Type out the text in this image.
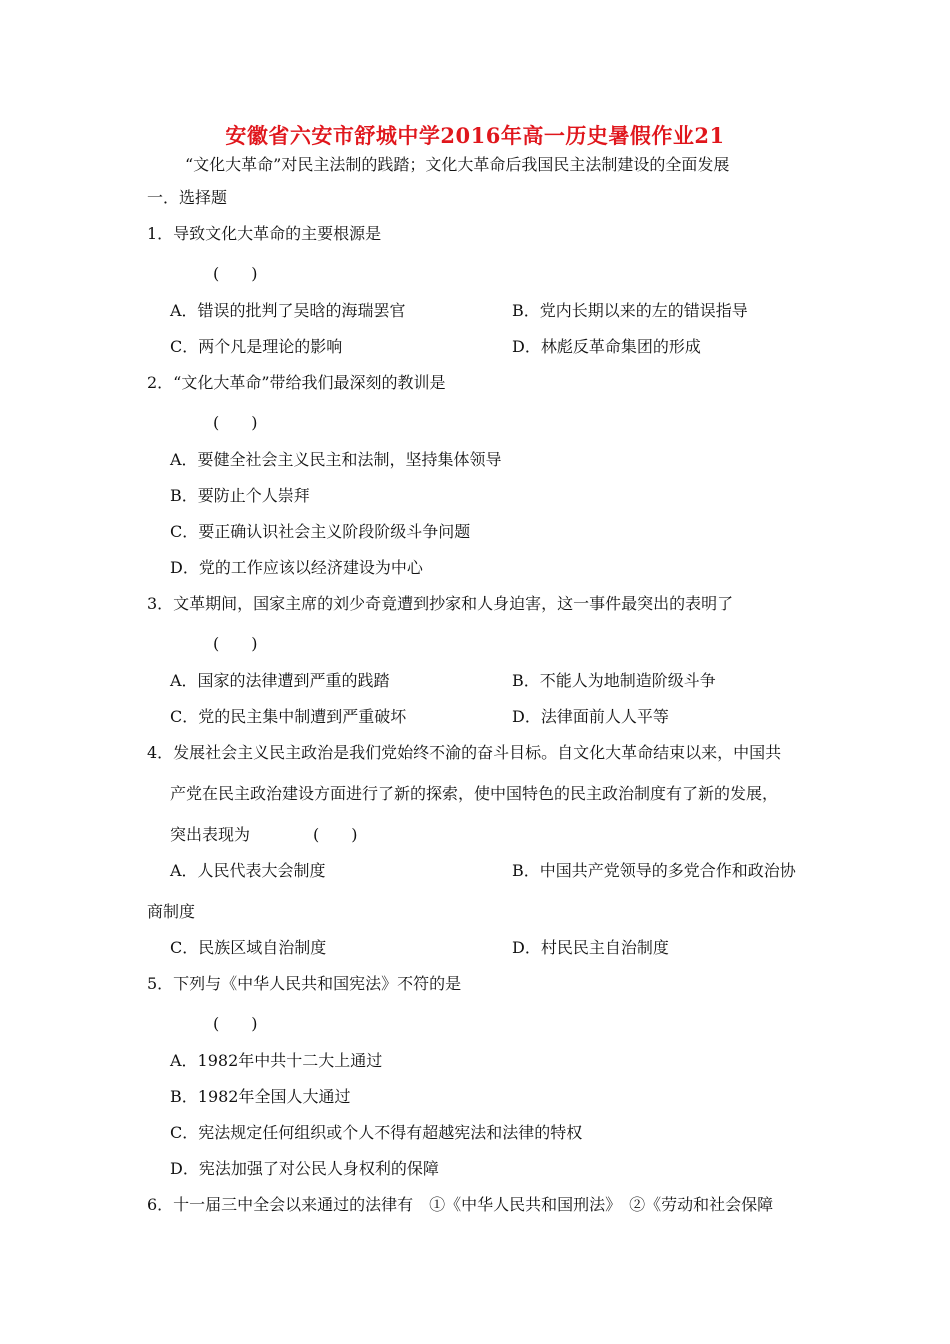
安徽省六安市舒城中学2016年高一历史暑假作业21
“文化大革命”对民主法制的践踏；文化大革命后我国民主法制建设的全面发展
一．选择题
1．导致文化大革命的主要根源是
(　　)
A．错误的批判了吴晗的海瑞罢官	B．党内长期以来的左的错误指导
C．两个凡是理论的影响	D．林彪反革命集团的形成
2．“文化大革命”带给我们最深刻的教训是
(　　)
A．要健全社会主义民主和法制，坚持集体领导
B．要防止个人崇拜
C．要正确认识社会主义阶段阶级斗争问题
D．党的工作应该以经济建设为中心
3．文革期间，国家主席的刘少奇竟遭到抄家和人身迫害，这一事件最突出的表明了
(　　)
A．国家的法律遭到严重的践踏	B．不能人为地制造阶级斗争
C．党的民主集中制遭到严重破坏	D．法律面前人人平等
4．发展社会主义民主政治是我们党始终不渝的奋斗目标。自文化大革命结束以来，中国共
产党在民主政治建设方面进行了新的探索，使中国特色的民主政治制度有了新的发展，
突出表现为	(　　)
A．人民代表大会制度	B．中国共产党领导的多党合作和政治协
商制度
C．民族区域自治制度	D．村民民主自治制度
5．下列与《中华人民共和国宪法》不符的是
(　　)
A．1982年中共十二大上通过
B．1982年全国人大通过
C．宪法规定任何组织或个人不得有超越宪法和法律的特权
D．宪法加强了对公民人身权利的保障
6．十一届三中全会以来通过的法律有　①《中华人民共和国刑法》　②《劳动和社会保障
